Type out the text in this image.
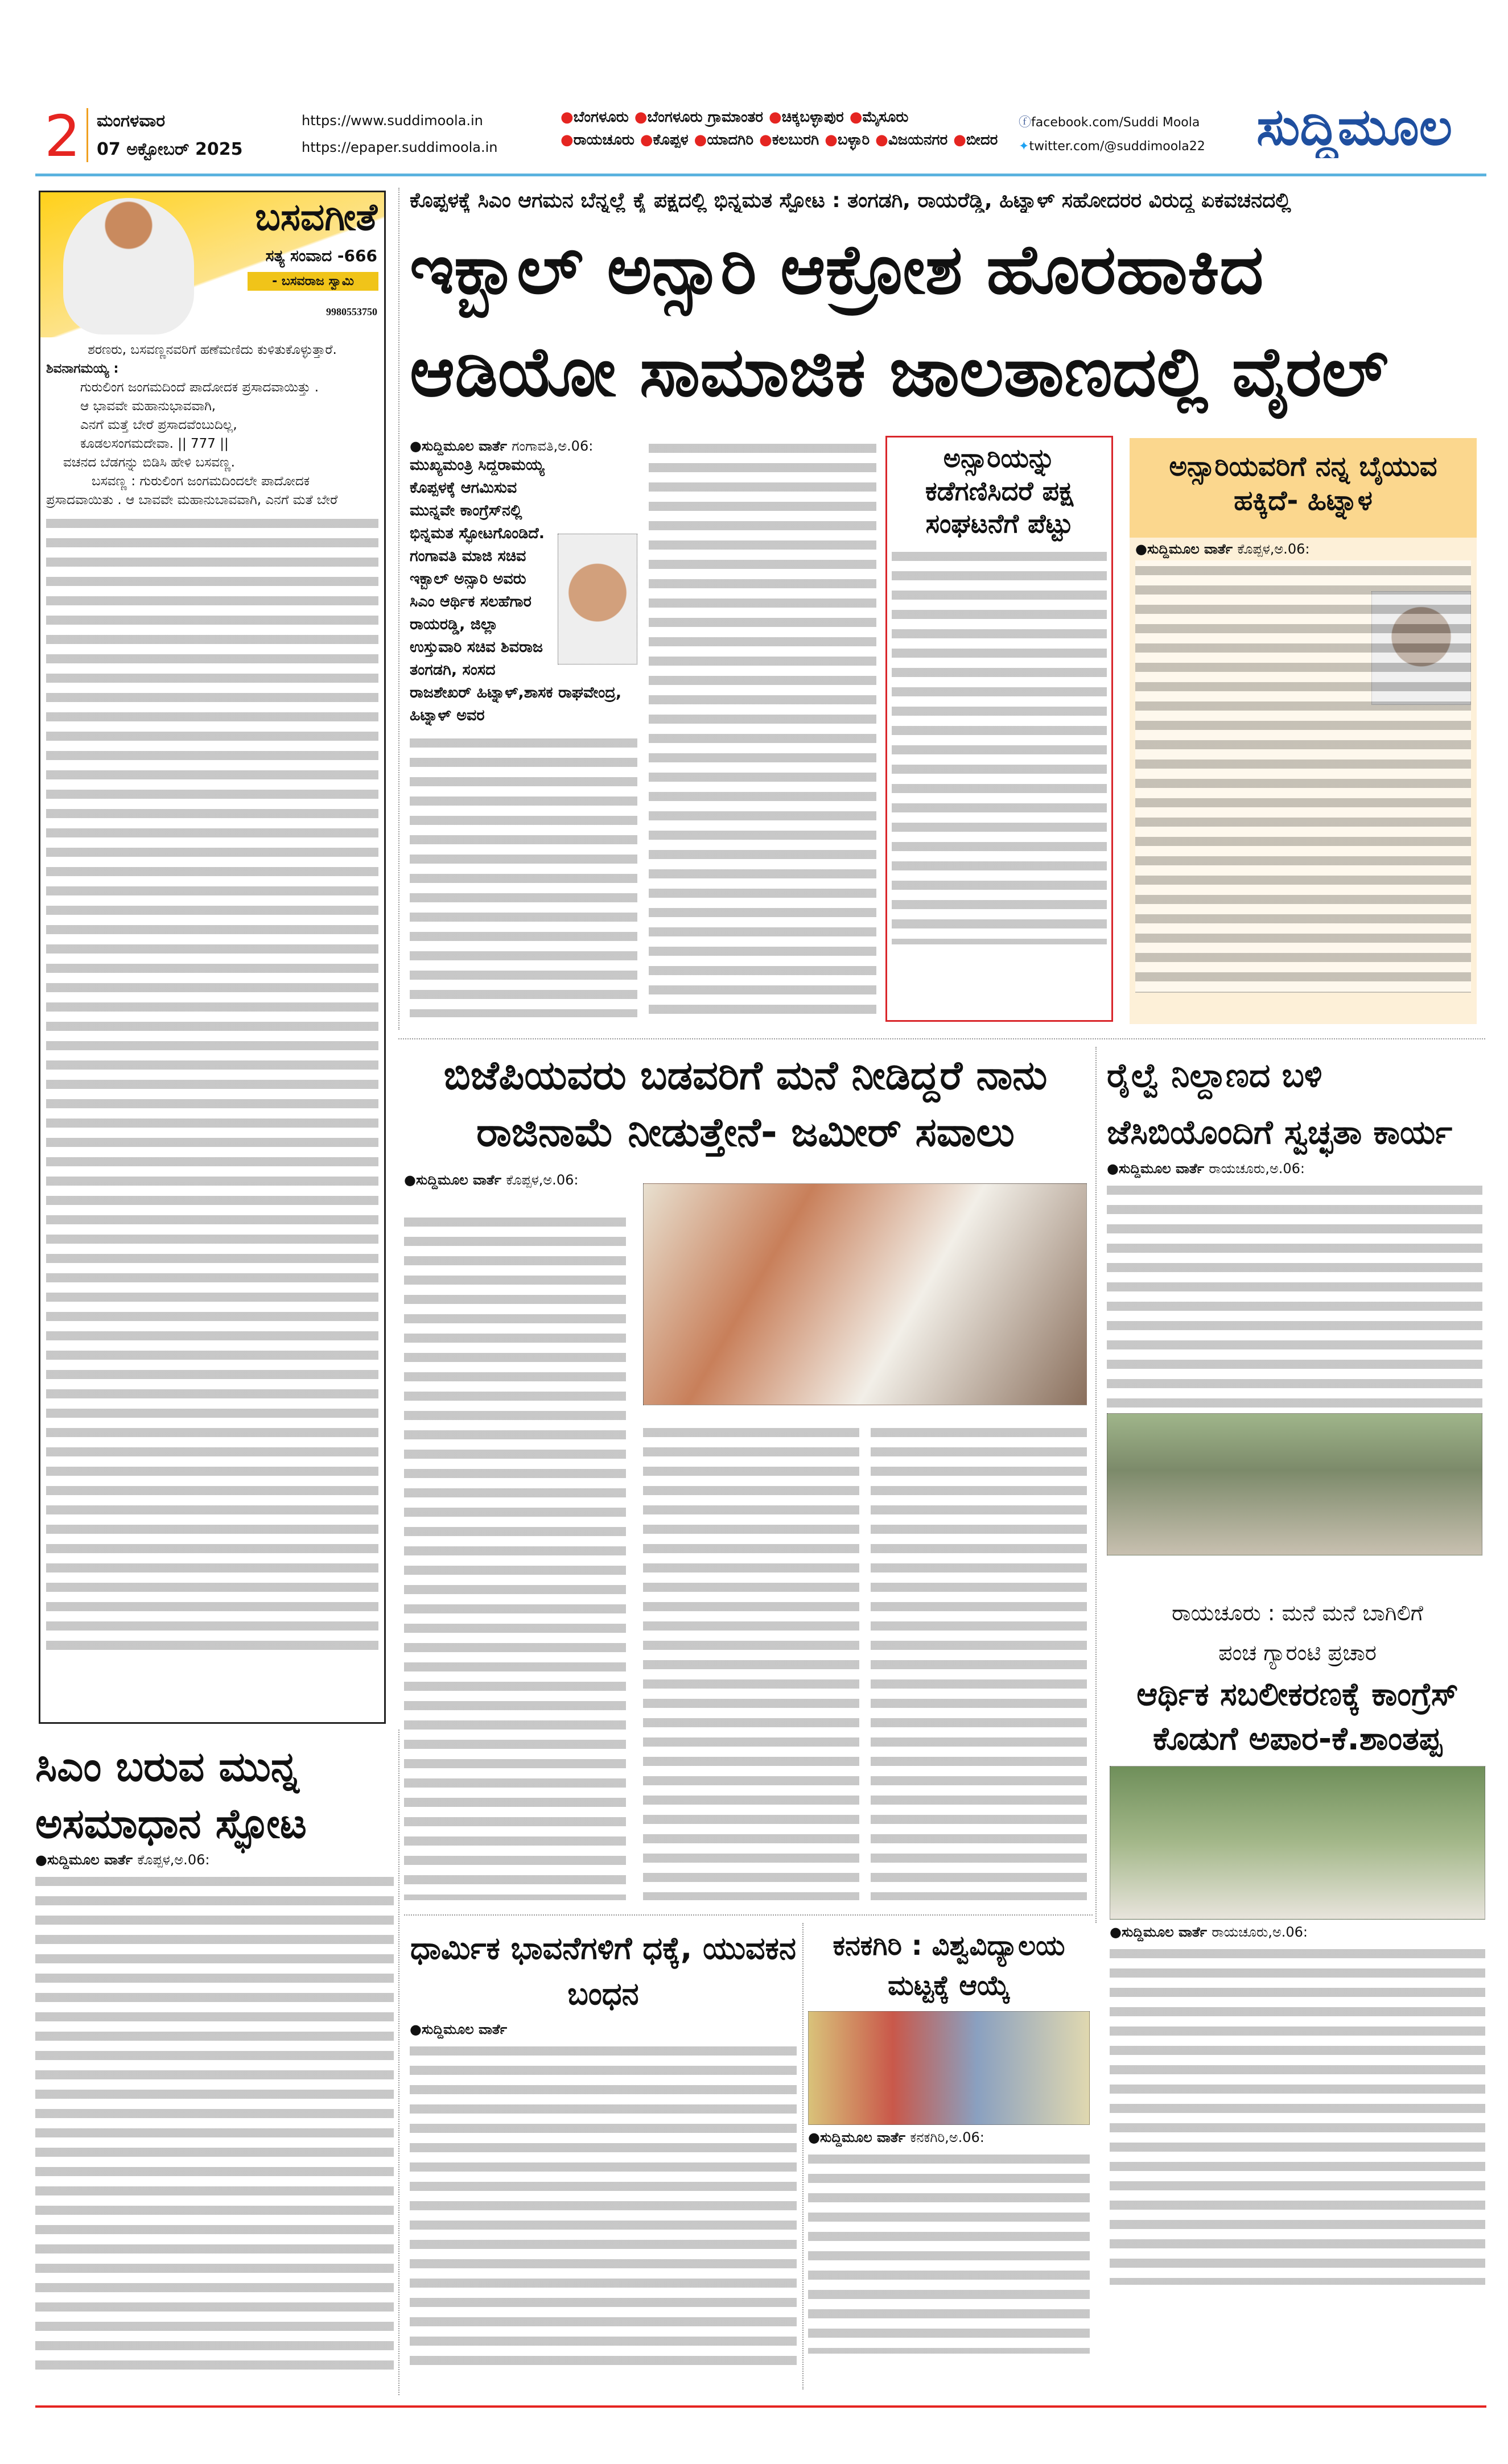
2 ಮಂಗಳವಾರ
07 ಅಕ್ಟೋಬರ್ 2025
https://www.suddimoola.in
https://epaper.suddimoola.in
●ಬೆಂಗಳೂರು ●ಬೆಂಗಳೂರು ಗ್ರಾಮಾಂತರ ●ಚಿಕ್ಕಬಳ್ಳಾಪುರ ●ಮೈಸೂರು
●ರಾಯಚೂರು ●ಕೊಪ್ಪಳ ●ಯಾದಗಿರಿ ●ಕಲಬುರಗಿ ●ಬಳ್ಳಾರಿ ●ವಿಜಯನಗರ ●ಬೀದರ
ⓕfacebook.com/Suddi Moola
✦twitter.com/@suddimoola22	ಸುದ್ದಿಮೂಲ
ಬಸವಗೀತೆ
ಸತ್ಯ ಸಂವಾದ -666
- ಬಸವರಾಜ ಸ್ವಾಮಿ
9980553750
ಶರಣರು, ಬಸವಣ್ಣನವರಿಗೆ ಹಣೆಮಣಿದು ಕುಳಿತುಕೊಳ್ಳುತ್ತಾರೆ.
ಶಿವನಾಗಮಯ್ಯ :
ಗುರುಲಿಂಗ ಜಂಗಮದಿಂದೆ ಪಾದೋದಕ ಪ್ರಸಾದವಾಯಿತ್ತು .
ಆ ಭಾವವೇ ಮಹಾನುಭಾವವಾಗಿ,
ಎನಗೆ ಮತ್ತೆ ಬೇರೆ ಪ್ರಸಾದವೆಂಬುದಿಲ್ಲ,
ಕೂಡಲಸಂಗಮದೇವಾ. || 777 ||
ವಚನದ ಬೆಡಗನ್ನು ಬಿಡಿಸಿ ಹೇಳಿ ಬಸವಣ್ಣ.
ಬಸವಣ್ಣ : ಗುರುಲಿಂಗ ಜಂಗಮದಿಂದಲೇ ಪಾದೋದಕ ಪ್ರಸಾದವಾಯಿತು . ಆ ಬಾವವೇ ಮಹಾನುಬಾವವಾಗಿ, ಎನಗೆ ಮತೆ ಬೇರೆ
ಕೊಪ್ಪಳಕ್ಕೆ ಸಿಎಂ ಆಗಮನ ಬೆನ್ನಲ್ಲೆ ಕೈ ಪಕ್ಷದಲ್ಲಿ ಭಿನ್ನಮತ ಸ್ಫೋಟ : ತಂಗಡಗಿ, ರಾಯರೆಡ್ಡಿ, ಹಿಟ್ನಾಳ್ ಸಹೋದರರ ವಿರುದ್ಧ ಏಕವಚನದಲ್ಲಿ
ಇಕ್ಬಾಲ್ ಅನ್ಸಾರಿ ಆಕ್ರೋಶ ಹೊರಹಾಕಿದ
ಆಡಿಯೋ ಸಾಮಾಜಿಕ ಜಾಲತಾಣದಲ್ಲಿ ವೈರಲ್
●ಸುದ್ದಿಮೂಲ ವಾರ್ತೆ ಗಂಗಾವತಿ,ಅ.06:
ಮುಖ್ಯಮಂತ್ರಿ ಸಿದ್ದರಾಮಯ್ಯ ಕೊಪ್ಪಳಕ್ಕೆ ಆಗಮಿಸುವ ಮುನ್ನವೇ ಕಾಂಗ್ರೆಸ್‌ನಲ್ಲಿ ಭಿನ್ನಮತ ಸ್ಫೋಟಗೊಂಡಿದೆ. ಗಂಗಾವತಿ ಮಾಜಿ ಸಚಿವ ಇಕ್ಬಾಲ್ ಅನ್ಸಾರಿ ಅವರು ಸಿಎಂ ಆರ್ಥಿಕ ಸಲಹೆಗಾರ ರಾಯರಡ್ಡಿ, ಜಿಲ್ಲಾ ಉಸ್ತುವಾರಿ ಸಚಿವ ಶಿವರಾಜ ತಂಗಡಗಿ, ಸಂಸದ ರಾಜಶೇಖರ್ ಹಿಟ್ನಾಳ್,ಶಾಸಕ ರಾಘವೇಂದ್ರ, ಹಿಟ್ನಾಳ್ ಅವರ
ಅನ್ಸಾರಿಯನ್ನು ಕಡೆಗಣಿಸಿದರೆ ಪಕ್ಷ ಸಂಘಟನೆಗೆ ಪೆಟ್ಟು
ಅನ್ಸಾರಿಯವರಿಗೆ ನನ್ನ ಬೈಯುವ ಹಕ್ಕಿದೆ- ಹಿಟ್ನಾಳ
●ಸುದ್ದಿಮೂಲ ವಾರ್ತೆ ಕೊಪ್ಪಳ,ಅ.06:
ಬಿಜೆಪಿಯವರು ಬಡವರಿಗೆ ಮನೆ ನೀಡಿದ್ದರೆ ನಾನು
ರಾಜಿನಾಮೆ ನೀಡುತ್ತೇನೆ- ಜಮೀರ್ ಸವಾಲು
●ಸುದ್ದಿಮೂಲ ವಾರ್ತೆ ಕೊಪ್ಪಳ,ಅ.06:
ರೈಲ್ವೆ ನಿಲ್ದಾಣದ ಬಳಿ
ಜೆಸಿಬಿಯೊಂದಿಗೆ ಸ್ವಚ್ಛತಾ ಕಾರ್ಯ
●ಸುದ್ದಿಮೂಲ ವಾರ್ತೆ ರಾಯಚೂರು,ಅ.06:
ರಾಯಚೂರು : ಮನೆ ಮನೆ ಬಾಗಿಲಿಗೆ
ಪಂಚ ಗ್ಯಾರಂಟಿ ಪ್ರಚಾರ
ಆರ್ಥಿಕ ಸಬಲೀಕರಣಕ್ಕೆ ಕಾಂಗ್ರೆಸ್ ಕೊಡುಗೆ ಅಪಾರ-ಕೆ.ಶಾಂತಪ್ಪ
●ಸುದ್ದಿಮೂಲ ವಾರ್ತೆ ರಾಯಚೂರು,ಅ.06:
ಸಿಎಂ ಬರುವ ಮುನ್ನ ಅಸಮಾಧಾನ ಸ್ಫೋಟ
●ಸುದ್ದಿಮೂಲ ವಾರ್ತೆ ಕೊಪ್ಪಳ,ಅ.06:
ಧಾರ್ಮಿಕ ಭಾವನೆಗಳಿಗೆ ಧಕ್ಕೆ, ಯುವಕನ ಬಂಧನ
●ಸುದ್ದಿಮೂಲ ವಾರ್ತೆ
ಕನಕಗಿರಿ : ವಿಶ್ವವಿದ್ಯಾಲಯ ಮಟ್ಟಕ್ಕೆ ಆಯ್ಕೆ
●ಸುದ್ದಿಮೂಲ ವಾರ್ತೆ ಕನಕಗಿರಿ,ಅ.06:
